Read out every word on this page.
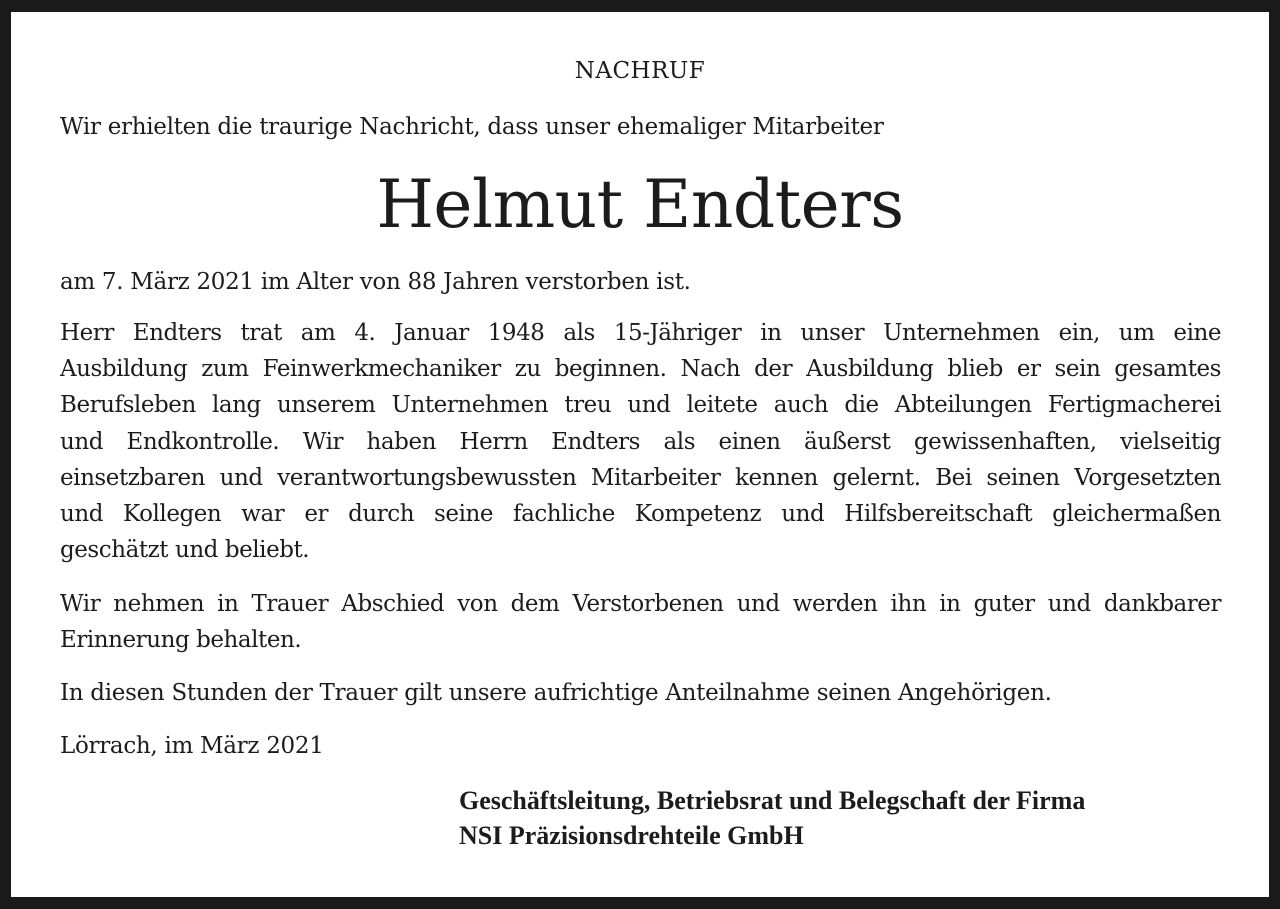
NACHRUF

Wir erhielten die traurige Nachricht, dass unser ehemaliger Mitarbeiter

Helmut Endters

am 7. März 2021 im Alter von 88 Jahren verstorben ist.

Herr Endters trat am 4. Januar 1948 als 15-Jähriger in unser Unternehmen ein, um eine
Ausbildung zum Feinwerkmechaniker zu beginnen. Nach der Ausbildung blieb er sein gesamtes
Berufsleben lang unserem Unternehmen treu und leitete auch die Abteilungen Fertigmacherei
und Endkontrolle. Wir haben Herrn Endters als einen äußerst gewissenhaften, vielseitig
einsetzbaren und verantwortungsbewussten Mitarbeiter kennen gelernt. Bei seinen Vorgesetzten
und Kollegen war er durch seine fachliche Kompetenz und Hilfsbereitschaft gleichermaßen
geschätzt und beliebt.
Wir nehmen in Trauer Abschied von dem Verstorbenen und werden ihn in guter und dankbarer
Erinnerung behalten.

In diesen Stunden der Trauer gilt unsere aufrichtige Anteilnahme seinen Angehörigen.

Lörrach, im März 2021

Geschäftsleitung, Betriebsrat und Belegschaft der Firma

NSI Präzisionsdrehteile GmbH
